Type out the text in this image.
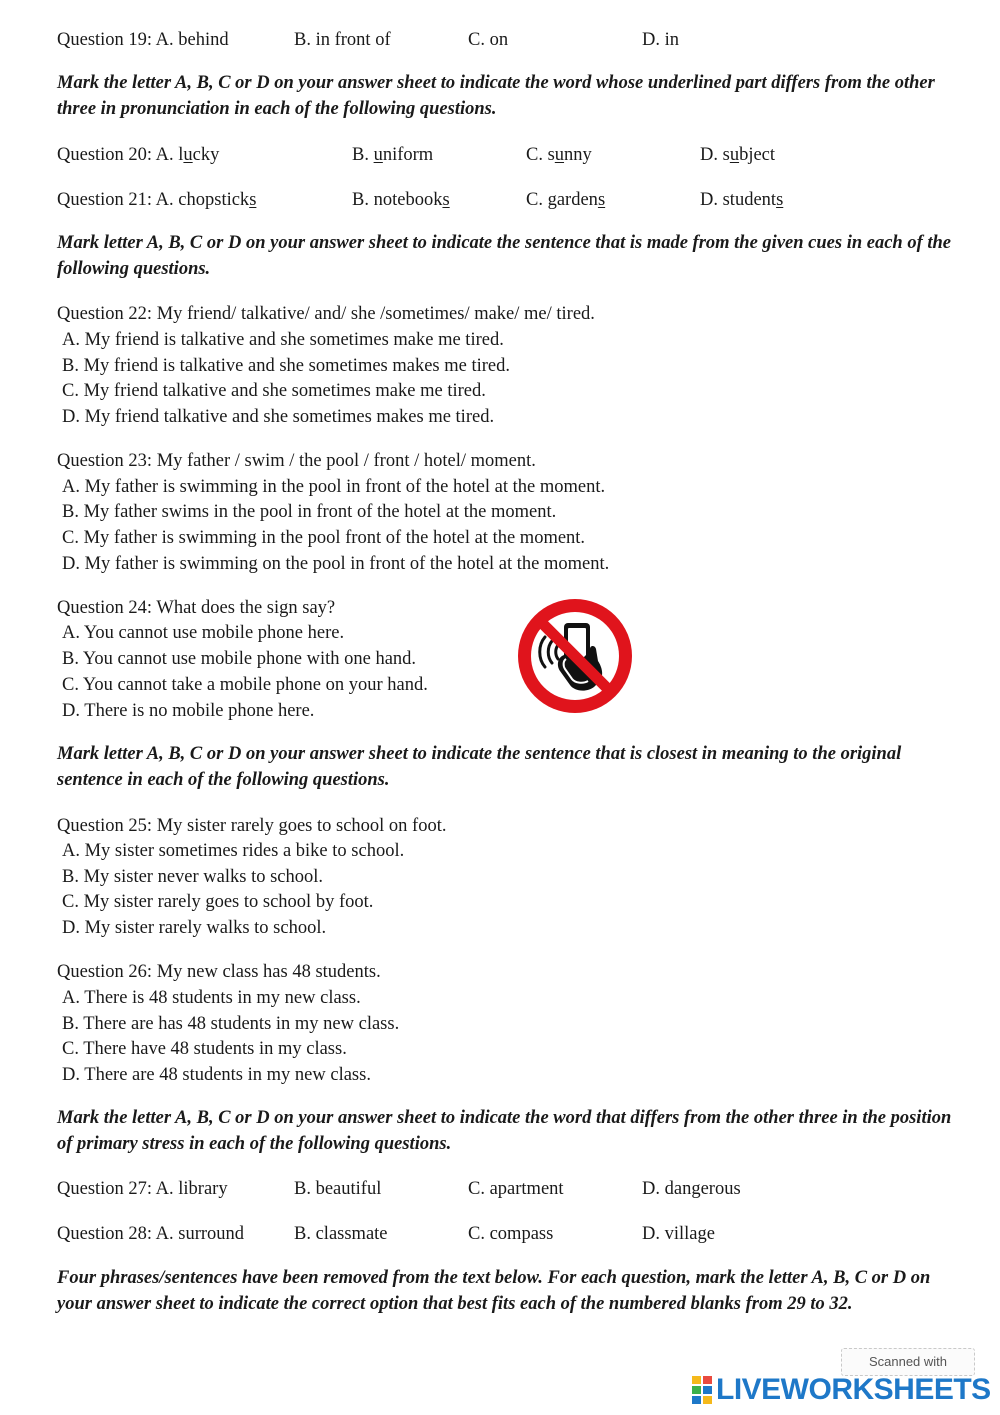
Question 19: A. behind	B. in front of	C. on	D. in
Mark the letter A, B, C or D on your answer sheet to indicate the word whose underlined part differs from the other three in pronunciation in each of the following questions.
Question 20: A. lucky	B. uniform	C. sunny	D. subject
Question 21: A. chopsticks	B. notebooks	C. gardens	D. students
Mark letter A, B, C or D on your answer sheet to indicate the sentence that is made from the given cues in each of the following questions.
Question 22: My friend/ talkative/ and/ she /sometimes/ make/ me/ tired.
A. My friend is talkative and she sometimes make me tired.
B. My friend is talkative and she sometimes makes me tired.
C. My friend talkative and she sometimes make me tired.
D. My friend talkative and she sometimes makes me tired.
Question 23: My father / swim / the pool / front / hotel/ moment.
A. My father is swimming in the pool in front of the hotel at the moment.
B. My father swims in the pool in front of the hotel at the moment.
C. My father is swimming in the pool front of the hotel at the moment.
D. My father is swimming on the pool in front of the hotel at the moment.
Question 24: What does the sign say?
A. You cannot use mobile phone here.
B. You cannot use mobile phone with one hand.
C. You cannot take a mobile phone on your hand.
D. There is no mobile phone here.
Mark letter A, B, C or D on your answer sheet to indicate the sentence that is closest in meaning to the original sentence in each of the following questions.
Question 25: My sister rarely goes to school on foot.
A. My sister sometimes rides a bike to school.
B. My sister never walks to school.
C. My sister rarely goes to school by foot.
D. My sister rarely walks to school.
Question 26: My new class has 48 students.
A. There is 48 students in my new class.
B. There are has 48 students in my new class.
C. There have 48 students in my class.
D. There are 48 students in my new class.
Mark the letter A, B, C or D on your answer sheet to indicate the word that differs from the other three in the position of primary stress in each of the following questions.
Question 27: A. library	B. beautiful	C. apartment	D. dangerous
Question 28: A. surround	B. classmate	C. compass	D. village
Four phrases/sentences have been removed from the text below. For each question, mark the letter A, B, C or D on your answer sheet to indicate the correct option that best fits each of the numbered blanks from 29 to 32.
Scanned with
LIVEWORKSHEETS
